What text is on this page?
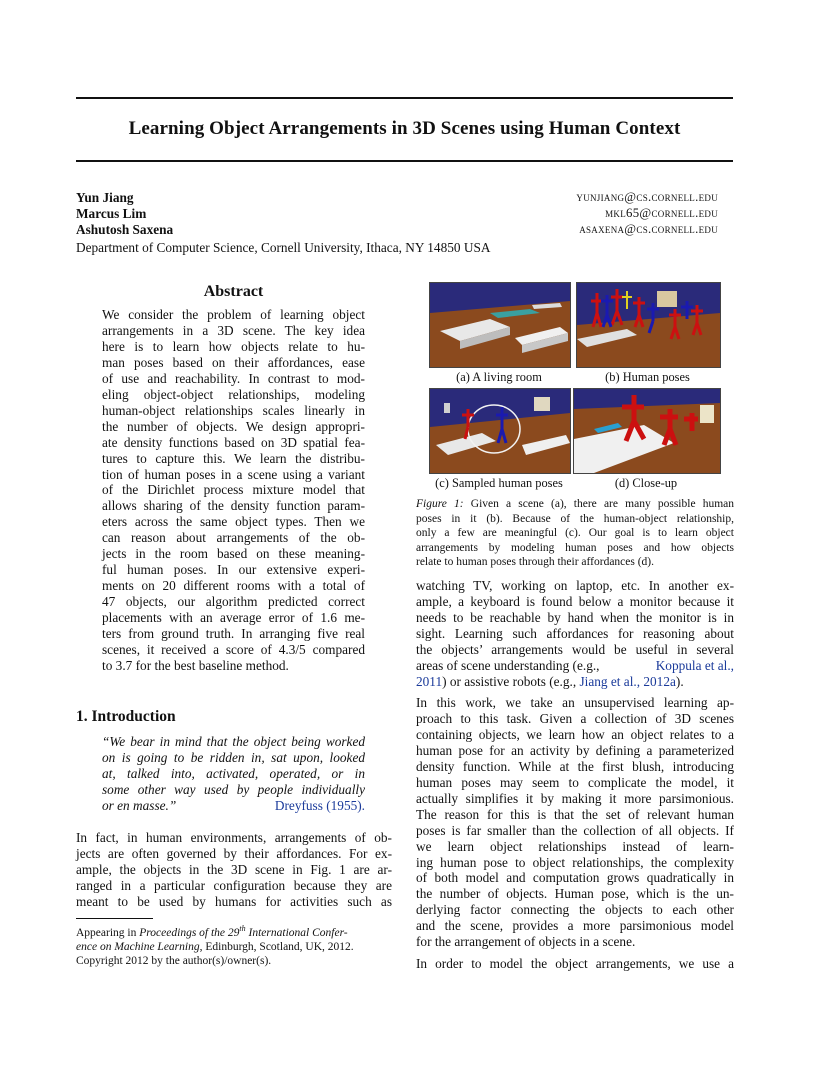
Learning Object Arrangements in 3D Scenes using Human Context
Yun Jiang	yunjiang@cs.cornell.edu
Marcus Lim	mkl65@cornell.edu
Ashutosh Saxena	asaxena@cs.cornell.edu
Department of Computer Science, Cornell University, Ithaca, NY 14850 USA
Abstract
We consider the problem of learning object
arrangements in a 3D scene. The key idea
here is to learn how objects relate to hu-
man poses based on their affordances, ease
of use and reachability. In contrast to mod-
eling object-object relationships, modeling
human-object relationships scales linearly in
the number of objects. We design appropri-
ate density functions based on 3D spatial fea-
tures to capture this. We learn the distribu-
tion of human poses in a scene using a variant
of the Dirichlet process mixture model that
allows sharing of the density function param-
eters across the same object types. Then we
can reason about arrangements of the ob-
jects in the room based on these meaning-
ful human poses. In our extensive experi-
ments on 20 different rooms with a total of
47 objects, our algorithm predicted correct
placements with an average error of 1.6 me-
ters from ground truth. In arranging five real
scenes, it received a score of 4.3/5 compared
to 3.7 for the best baseline method.
1. Introduction
“We bear in mind that the object being worked
on is going to be ridden in, sat upon, looked
at, talked into, activated, operated, or in
some other way used by people individually
or en masse.”	Dreyfuss (1955).
In fact, in human environments, arrangements of ob-
jects are often governed by their affordances. For ex-
ample, the objects in the 3D scene in Fig. 1 are ar-
ranged in a particular configuration because they are
meant to be used by humans for activities such as
Appearing in Proceedings of the 29th International Confer-
ence on Machine Learning, Edinburgh, Scotland, UK, 2012.
Copyright 2012 by the author(s)/owner(s).
(a) A living room	(b) Human poses
(c) Sampled human poses	(d) Close-up
Figure 1: Given a scene (a), there are many possible human
poses in it (b). Because of the human-object relationship,
only a few are meaningful (c). Our goal is to learn object
arrangements by modeling human poses and how objects
relate to human poses through their affordances (d).
watching TV, working on laptop, etc. In another ex-
ample, a keyboard is found below a monitor because it
needs to be reachable by hand when the monitor is in
sight. Learning such affordances for reasoning about
the objects’ arrangements would be useful in several
areas of scene understanding (e.g.,	Koppula et al.,
2011) or assistive robots (e.g., Jiang et al., 2012a).
In this work, we take an unsupervised learning ap-
proach to this task. Given a collection of 3D scenes
containing objects, we learn how an object relates to a
human pose for an activity by defining a parameterized
density function. While at the first blush, introducing
human poses may seem to complicate the model, it
actually simplifies it by making it more parsimonious.
The reason for this is that the set of relevant human
poses is far smaller than the collection of all objects. If
we learn object relationships instead of learn-
ing human pose to object relationships, the complexity
of both model and computation grows quadratically in
the number of objects. Human pose, which is the un-
derlying factor connecting the objects to each other
and the scene, provides a more parsimonious model
for the arrangement of objects in a scene.
In order to model the object arrangements, we use a
